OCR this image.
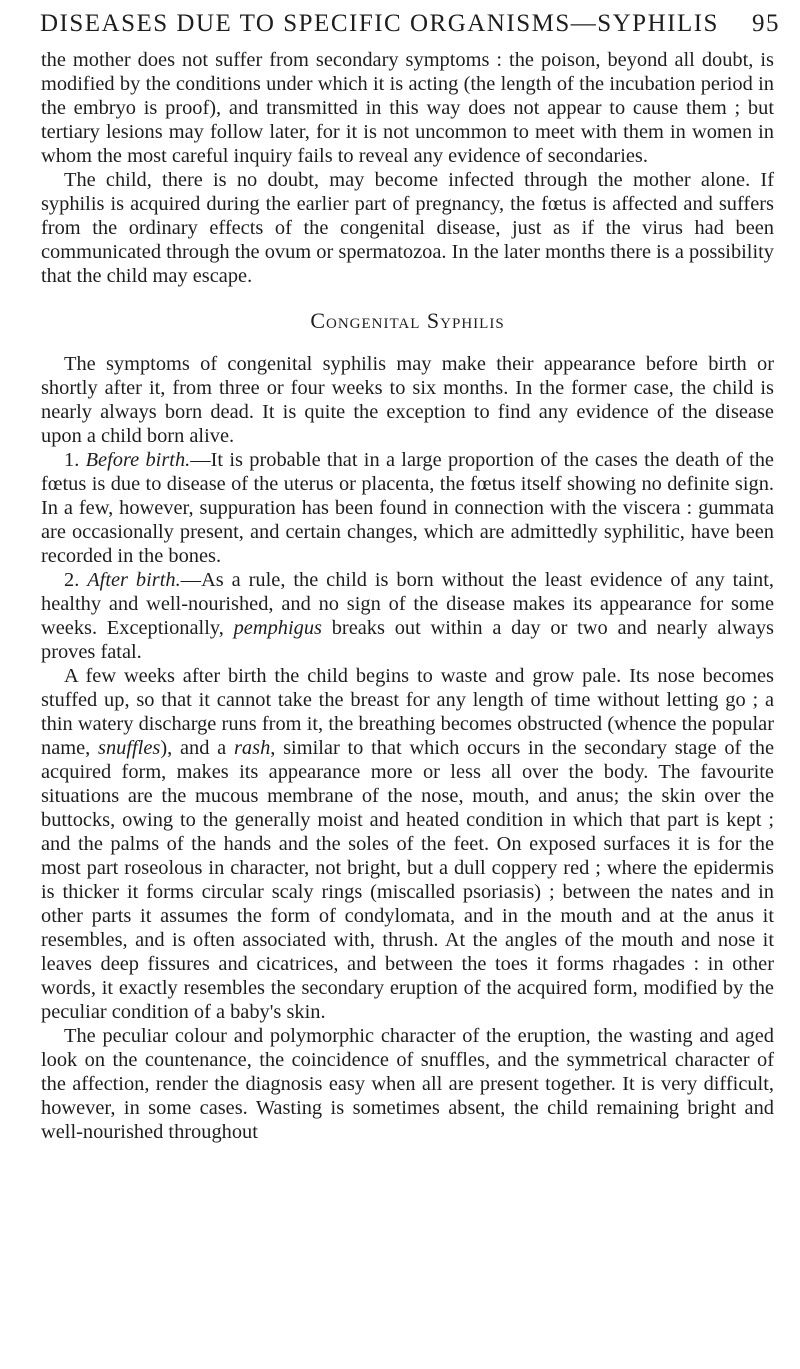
DISEASES DUE TO SPECIFIC ORGANISMS—SYPHILIS 95

the mother does not suffer from secondary symptoms : the poison, beyond all doubt, is modified by the conditions under which it is acting (the length of the incubation period in the embryo is proof), and transmitted in this way does not appear to cause them ; but tertiary lesions may follow later, for it is not uncommon to meet with them in women in whom the most careful inquiry fails to reveal any evidence of secondaries.

The child, there is no doubt, may become infected through the mother alone. If syphilis is acquired during the earlier part of pregnancy, the fœtus is affected and suffers from the ordinary effects of the congenital disease, just as if the virus had been communicated through the ovum or spermatozoa. In the later months there is a possibility that the child may escape.

Congenital Syphilis

The symptoms of congenital syphilis may make their appearance before birth or shortly after it, from three or four weeks to six months. In the former case, the child is nearly always born dead. It is quite the exception to find any evidence of the disease upon a child born alive.

1. Before birth.—It is probable that in a large proportion of the cases the death of the fœtus is due to disease of the uterus or placenta, the fœtus itself showing no definite sign. In a few, however, suppuration has been found in connection with the viscera : gummata are occasionally present, and certain changes, which are admittedly syphilitic, have been recorded in the bones.

2. After birth.—As a rule, the child is born without the least evidence of any taint, healthy and well-nourished, and no sign of the disease makes its appearance for some weeks. Exceptionally, pemphigus breaks out within a day or two and nearly always proves fatal.

A few weeks after birth the child begins to waste and grow pale. Its nose becomes stuffed up, so that it cannot take the breast for any length of time without letting go ; a thin watery discharge runs from it, the breathing becomes obstructed (whence the popular name, snuffles), and a rash, similar to that which occurs in the secondary stage of the acquired form, makes its appearance more or less all over the body. The favourite situations are the mucous membrane of the nose, mouth, and anus; the skin over the buttocks, owing to the generally moist and heated condition in which that part is kept ; and the palms of the hands and the soles of the feet. On exposed surfaces it is for the most part roseolous in character, not bright, but a dull coppery red ; where the epidermis is thicker it forms circular scaly rings (miscalled psoriasis) ; between the nates and in other parts it assumes the form of condylomata, and in the mouth and at the anus it resembles, and is often associated with, thrush. At the angles of the mouth and nose it leaves deep fissures and cicatrices, and between the toes it forms rhagades : in other words, it exactly resembles the secondary eruption of the acquired form, modified by the peculiar condition of a baby's skin.

The peculiar colour and polymorphic character of the eruption, the wasting and aged look on the countenance, the coincidence of snuffles, and the symmetrical character of the affection, render the diagnosis easy when all are present together. It is very difficult, however, in some cases. Wasting is sometimes absent, the child remaining bright and well-nourished throughout
